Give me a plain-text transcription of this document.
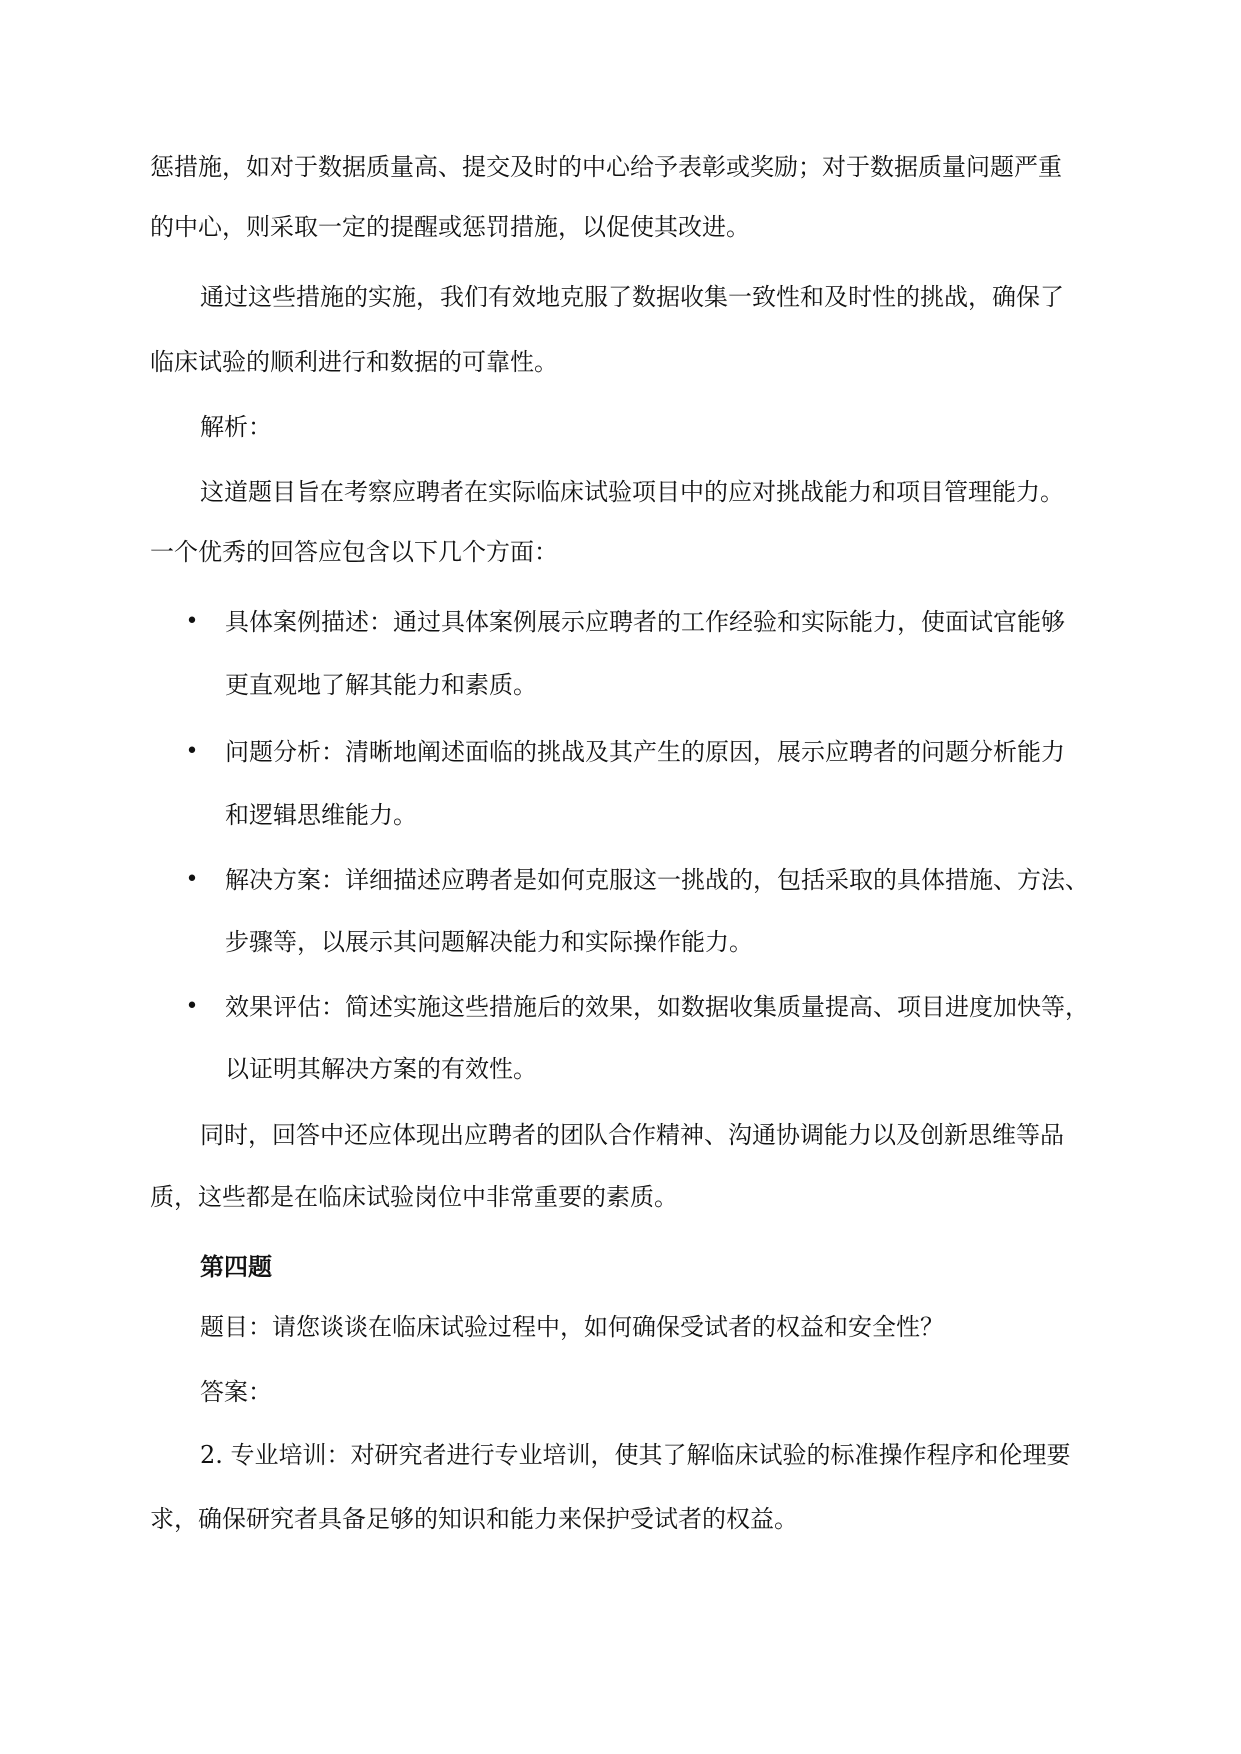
惩措施，如对于数据质量高、提交及时的中心给予表彰或奖励；对于数据质量问题严重
的中心，则采取一定的提醒或惩罚措施，以促使其改进。
通过这些措施的实施，我们有效地克服了数据收集一致性和及时性的挑战，确保了
临床试验的顺利进行和数据的可靠性。
解析：
这道题目旨在考察应聘者在实际临床试验项目中的应对挑战能力和项目管理能力。
一个优秀的回答应包含以下几个方面：
• 具体案例描述：通过具体案例展示应聘者的工作经验和实际能力，使面试官能够
更直观地了解其能力和素质。
• 问题分析：清晰地阐述面临的挑战及其产生的原因，展示应聘者的问题分析能力
和逻辑思维能力。
• 解决方案：详细描述应聘者是如何克服这一挑战的，包括采取的具体措施、方法、
步骤等，以展示其问题解决能力和实际操作能力。
• 效果评估：简述实施这些措施后的效果，如数据收集质量提高、项目进度加快等，
以证明其解决方案的有效性。
同时，回答中还应体现出应聘者的团队合作精神、沟通协调能力以及创新思维等品
质，这些都是在临床试验岗位中非常重要的素质。
第四题
题目：请您谈谈在临床试验过程中，如何确保受试者的权益和安全性？
答案：
2. 专业培训：对研究者进行专业培训，使其了解临床试验的标准操作程序和伦理要
求，确保研究者具备足够的知识和能力来保护受试者的权益。
